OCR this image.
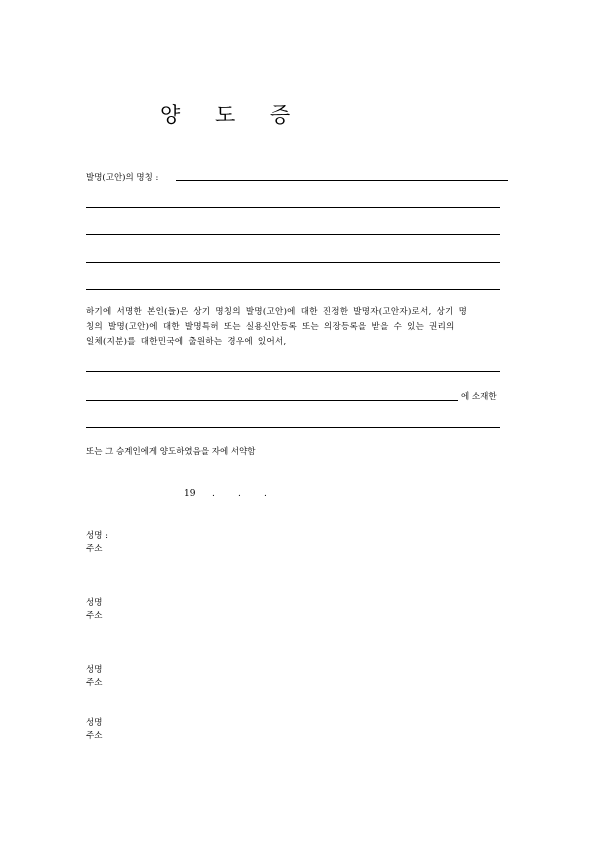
양 도 증
발명(고안)의 명칭 :
하기에 서명한 본인(들)은 상기 명칭의 발명(고안)에 대한 진정한 발명자(고안자)로서, 상기 명
칭의 발명(고안)에 대한 발명특허 또는 실용신안등록 또는 의장등록을 받을 수 있는 권리의
일체(지분)를 대한민국에 출원하는 경우에 있어서,
에 소재한
또는 그 승계인에게 양도하였음을 자에 서약함
19 .	.	.
성명 :
주소
성명
주소
성명
주소
성명
주소
